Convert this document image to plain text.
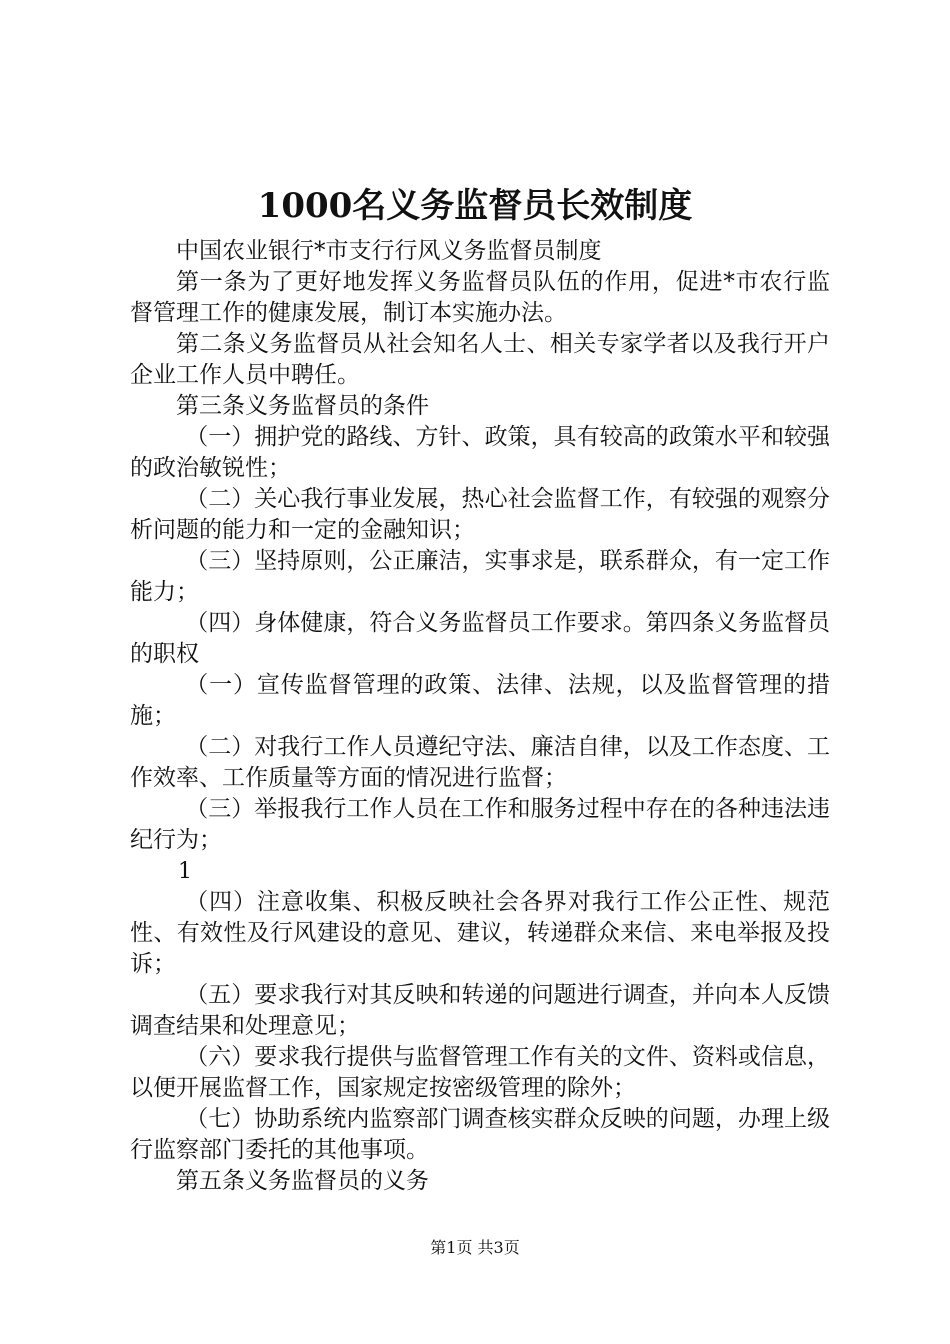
1000名义务监督员长效制度

中国农业银行*市支行行风义务监督员制度

第一条为了更好地发挥义务监督员队伍的作用，促进*市农行监督管理工作的健康发展，制订本实施办法。

第二条义务监督员从社会知名人士、相关专家学者以及我行开户企业工作人员中聘任。

第三条义务监督员的条件

（一）拥护党的路线、方针、政策，具有较高的政策水平和较强的政治敏锐性；

（二）关心我行事业发展，热心社会监督工作，有较强的观察分析问题的能力和一定的金融知识；

（三）坚持原则，公正廉洁，实事求是，联系群众，有一定工作能力；

（四）身体健康，符合义务监督员工作要求。第四条义务监督员的职权

（一）宣传监督管理的政策、法律、法规，以及监督管理的措施；

（二）对我行工作人员遵纪守法、廉洁自律，以及工作态度、工作效率、工作质量等方面的情况进行监督；

（三）举报我行工作人员在工作和服务过程中存在的各种违法违纪行为；

1

（四）注意收集、积极反映社会各界对我行工作公正性、规范性、有效性及行风建设的意见、建议，转递群众来信、来电举报及投诉；

（五）要求我行对其反映和转递的问题进行调查，并向本人反馈调查结果和处理意见；

（六）要求我行提供与监督管理工作有关的文件、资料或信息，以便开展监督工作，国家规定按密级管理的除外；

（七）协助系统内监察部门调查核实群众反映的问题，办理上级行监察部门委托的其他事项。

第五条义务监督员的义务

第1页 共3页
